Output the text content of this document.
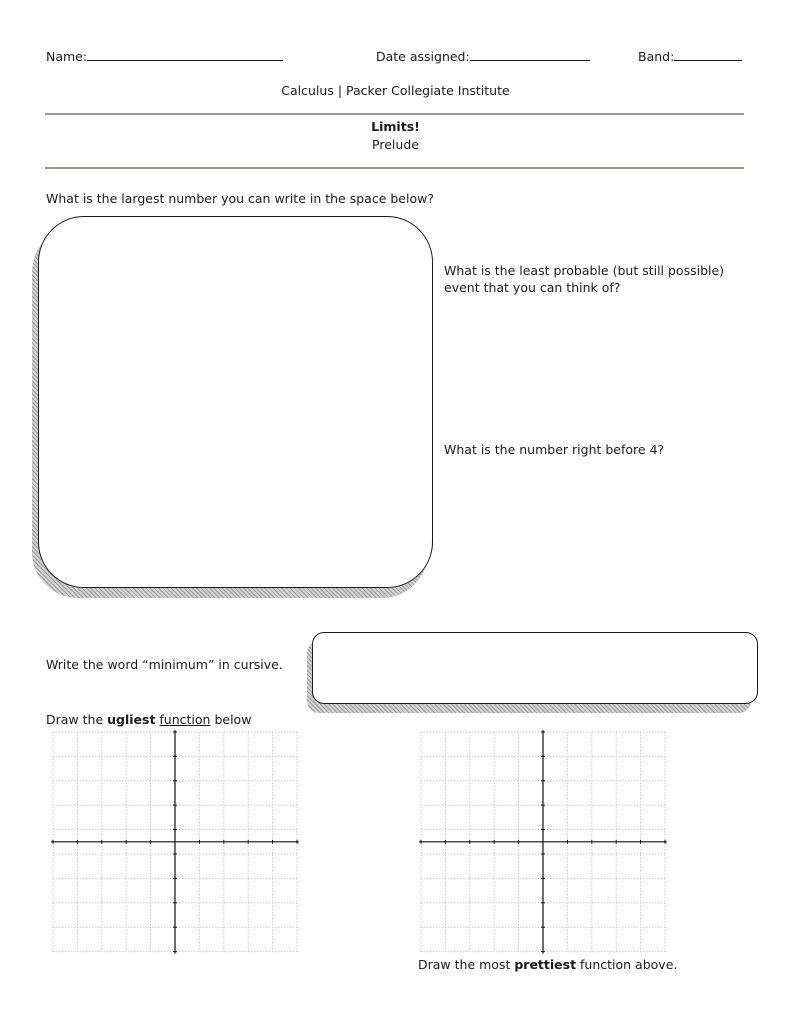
Name:	Date assigned:	Band:
Calculus | Packer Collegiate Institute
Limits!
Prelude
What is the largest number you can write in the space below?
What is the least probable (but still possible) event that you can think of?
What is the number right before 4?
Write the word “minimum” in cursive.
Draw the ugliest function below
Draw the most prettiest function above.
